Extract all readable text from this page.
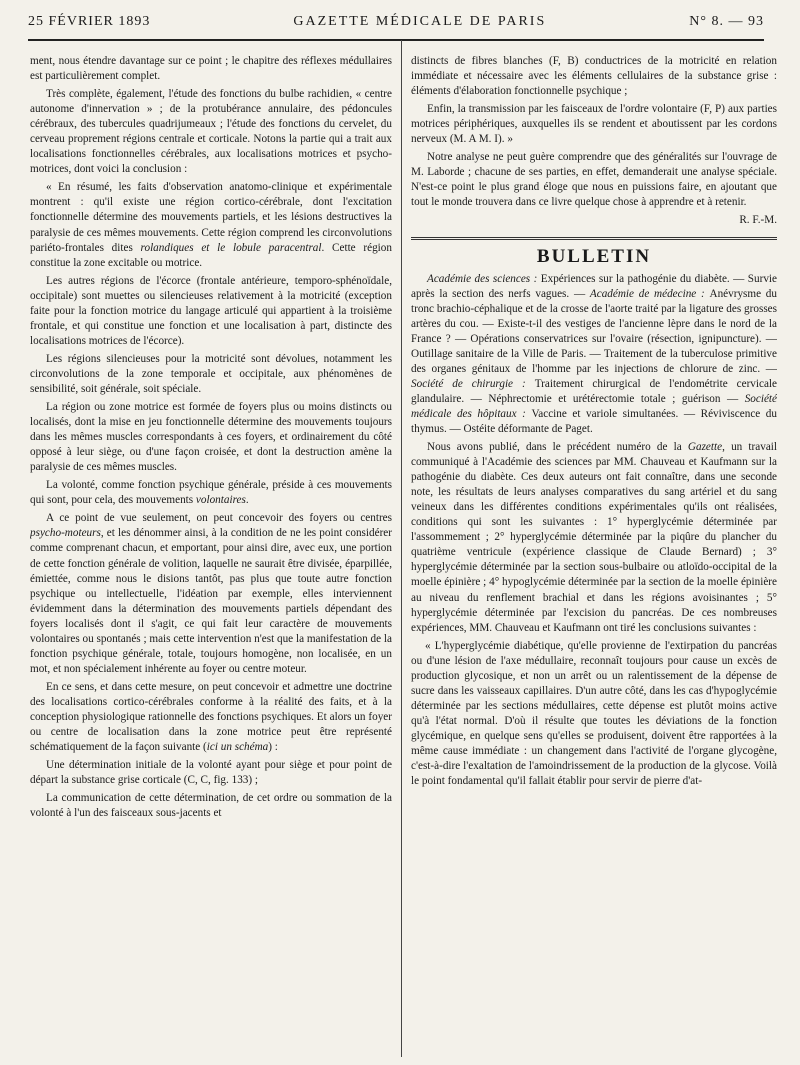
25 FÉVRIER 1893	GAZETTE MÉDICALE DE PARIS	N° 8. — 93

ment, nous étendre davantage sur ce point ; le chapitre des réflexes médullaires est particulièrement complet.

Très complète, également, l'étude des fonctions du bulbe rachidien, « centre autonome d'innervation » ; de la protubérance annulaire, des pédoncules cérébraux, des tubercules quadrijumeaux ; l'étude des fonctions du cervelet, du cerveau proprement régions centrale et corticale. Notons la partie qui a trait aux localisations fonctionnelles cérébrales, aux localisations motrices et psycho-motrices, dont voici la conclusion :

« En résumé, les faits d'observation anatomo-clinique et expérimentale montrent : qu'il existe une région cortico-cérébrale, dont l'excitation fonctionnelle détermine des mouvements partiels, et les lésions destructives la paralysie de ces mêmes mouvements. Cette région comprend les circonvolutions pariéto-frontales dites rolandiques et le lobule paracentral. Cette région constitue la zone excitable ou motrice.

Les autres régions de l'écorce (frontale antérieure, temporo-sphénoïdale, occipitale) sont muettes ou silencieuses relativement à la motricité (exception faite pour la fonction motrice du langage articulé qui appartient à la troisième frontale, et qui constitue une fonction et une localisation à part, distincte des localisations motrices de l'écorce).

Les régions silencieuses pour la motricité sont dévolues, notamment les circonvolutions de la zone temporale et occipitale, aux phénomènes de sensibilité, soit générale, soit spéciale.

La région ou zone motrice est formée de foyers plus ou moins distincts ou localisés, dont la mise en jeu fonctionnelle détermine des mouvements toujours dans les mêmes muscles correspondants à ces foyers, et ordinairement du côté opposé à leur siège, ou d'une façon croisée, et dont la destruction amène la paralysie de ces mêmes muscles.

La volonté, comme fonction psychique générale, préside à ces mouvements qui sont, pour cela, des mouvements volontaires.

A ce point de vue seulement, on peut concevoir des foyers ou centres psycho-moteurs, et les dénommer ainsi, à la condition de ne les point considérer comme comprenant chacun, et emportant, pour ainsi dire, avec eux, une portion de cette fonction générale de volition, laquelle ne saurait être divisée, éparpillée, émiettée, comme nous le disions tantôt, pas plus que toute autre fonction psychique ou intellectuelle, l'idéation par exemple, elles interviennent évidemment dans la détermination des mouvements partiels dépendant des foyers localisés dont il s'agit, ce qui fait leur caractère de mouvements volontaires ou spontanés ; mais cette intervention n'est que la manifestation de la fonction psychique générale, totale, toujours homogène, non localisée, en un mot, et non spécialement inhérente au foyer ou centre moteur.

En ce sens, et dans cette mesure, on peut concevoir et admettre une doctrine des localisations cortico-cérébrales conforme à la réalité des faits, et à la conception physiologique rationnelle des fonctions psychiques. Et alors un foyer ou centre de localisation dans la zone motrice peut être représenté schématiquement de la façon suivante (ici un schéma) :

Une détermination initiale de la volonté ayant pour siège et pour point de départ la substance grise corticale (C, C, fig. 133) ;

La communication de cette détermination, de cet ordre ou sommation de la volonté à l'un des faisceaux sous-jacents et

distincts de fibres blanches (F, B) conductrices de la motricité en relation immédiate et nécessaire avec les éléments cellulaires de la substance grise : éléments d'élaboration fonctionnelle psychique ;

Enfin, la transmission par les faisceaux de l'ordre volontaire (F, P) aux parties motrices périphériques, auxquelles ils se rendent et aboutissent par les cordons nerveux (M. A M. I). »

Notre analyse ne peut guère comprendre que des généralités sur l'ouvrage de M. Laborde ; chacune de ses parties, en effet, demanderait une analyse spéciale. N'est-ce point le plus grand éloge que nous en puissions faire, en ajoutant que tout le monde trouvera dans ce livre quelque chose à apprendre et à retenir.

R. F.-M.

BULLETIN

Académie des sciences : Expériences sur la pathogénie du diabète. — Survie après la section des nerfs vagues. — Académie de médecine : Anévrysme du tronc brachio-céphalique et de la crosse de l'aorte traité par la ligature des grosses artères du cou. — Existe-t-il des vestiges de l'ancienne lèpre dans le nord de la France ? — Opérations conservatrices sur l'ovaire (résection, ignipuncture). — Outillage sanitaire de la Ville de Paris. — Traitement de la tuberculose primitive des organes génitaux de l'homme par les injections de chlorure de zinc. — Société de chirurgie : Traitement chirurgical de l'endométrite cervicale glandulaire. — Néphrectomie et urétérectomie totale ; guérison — Société médicale des hôpitaux : Vaccine et variole simultanées. — Réviviscence du thymus. — Ostéite déformante de Paget.

Nous avons publié, dans le précédent numéro de la Gazette, un travail communiqué à l'Académie des sciences par MM. Chauveau et Kaufmann sur la pathogénie du diabète. Ces deux auteurs ont fait connaître, dans une seconde note, les résultats de leurs analyses comparatives du sang artériel et du sang veineux dans les différentes conditions expérimentales qu'ils ont réalisées, conditions qui sont les suivantes : 1° hyperglycémie déterminée par l'assommement ; 2° hyperglycémie déterminée par la piqûre du plancher du quatrième ventricule (expérience classique de Claude Bernard) ; 3° hyperglycémie déterminée par la section sous-bulbaire ou atloïdo-occipital de la moelle épinière ; 4° hypoglycémie déterminée par la section de la moelle épinière au niveau du renflement brachial et dans les régions avoisinantes ; 5° hyperglycémie déterminée par l'excision du pancréas. De ces nombreuses expériences, MM. Chauveau et Kaufmann ont tiré les conclusions suivantes :

« L'hyperglycémie diabétique, qu'elle provienne de l'extirpation du pancréas ou d'une lésion de l'axe médullaire, reconnaît toujours pour cause un excès de production glycosique, et non un arrêt ou un ralentissement de la dépense de sucre dans les vaisseaux capillaires. D'un autre côté, dans les cas d'hypoglycémie déterminée par les sections médullaires, cette dépense est plutôt moins active qu'à l'état normal. D'où il résulte que toutes les déviations de la fonction glycémique, en quelque sens qu'elles se produisent, doivent être rapportées à la même cause immédiate : un changement dans l'activité de l'organe glycogène, c'est-à-dire l'exaltation de l'amoindrissement de la production de la glycose. Voilà le point fondamental qu'il fallait établir pour servir de pierre d'at-
